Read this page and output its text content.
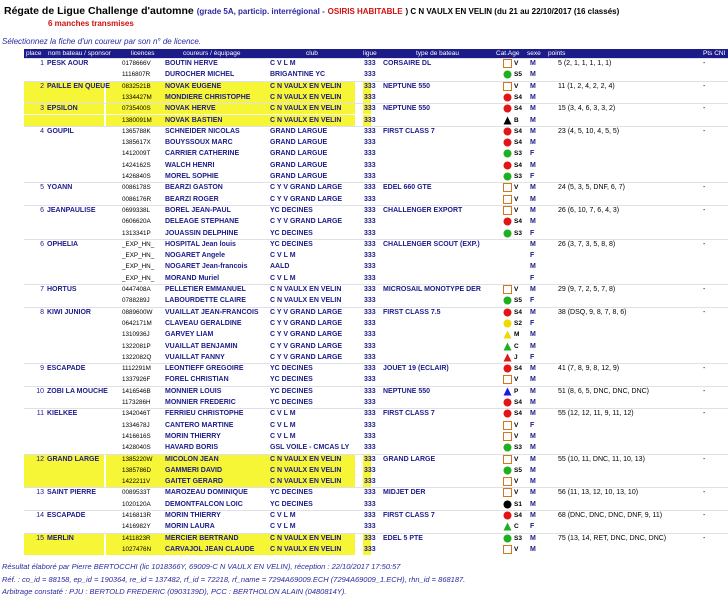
Régate de Ligue Challenge d'automne (grade 5A, particip. interrégional - OSIRIS HABITABLE ) C N VAULX EN VELIN (du 21 au 22/10/2017 (16 classés)
6 manches transmises
Sélectionnez la fiche d'un coureur par son n° de licence.
place nom bateau / sponsor	licences	coureurs / équipage	club	ligue	type de bateau	Cat.Age sexe points	Pts CNI
1 PESK AOUR	0178666V BOUTIN HERVE	C V L M	333 CORSAIRE DL	V M	5 (2, 1, 1, 1, 1, 1)	-
1116807R DUROCHER MICHEL	BRIGANTINE YC	333	S5 M
2 PAILLE EN QUEUE 0832521B NOVAK EUGENE	C N VAULX EN VELIN	333 NEPTUNE 550	V M	11 (1, 2, 4, 2, 2, 4)	-
1334427M MONDIERE CHRISTOPHE	C N VAULX EN VELIN	333	S4 M
3 EPSILON	0735400S NOVAK HERVE	C N VAULX EN VELIN	333 NEPTUNE 550	S4 M	15 (3, 4, 6, 3, 3, 2)	-
1380091M NOVAK BASTIEN	C N VAULX EN VELIN	333	B M
4 GOUPIL	1365788K SCHNEIDER NICOLAS	GRAND LARGUE	333 FIRST CLASS 7	S4 M	23 (4, 5, 10, 4, 5, 5)	-
1385617X BOUYSSOUX MARC	GRAND LARGUE	333	S4 M
1412009T CARRIER CATHERINE	GRAND LARGUE	333	S3 F
1424162S WALCH HENRI	GRAND LARGUE	333	S4 M
1426840S MOREL SOPHIE	GRAND LARGUE	333	S3 F
5 YOANN	0086178S BEARZI GASTON	C Y V GRAND LARGE	333 EDEL 660 GTE	V M	24 (5, 3, 5, DNF, 6, 7)	-
0086176R BEARZI ROGER	C Y V GRAND LARGE	333	V M
6 JEANPAULISE	0699338L BOREL JEAN-PAUL	YC DECINES	333 CHALLENGER EXPORT	V M	26 (6, 10, 7, 6, 4, 3)	-
0606620A DELEAGE STEPHANE	C Y V GRAND LARGE	333	S4 M
1313341P JOUASSIN DELPHINE	YC DECINES	333	S3 F
6 OPHELIA	_EXP_HN_ HOSPITAL Jean louis	YC DECINES	333 CHALLENGER SCOUT (EXP.)	M	26 (3, 7, 3, 5, 8, 8)	-
_EXP_HN_ NOGARET Angele	C V L M	333	F
_EXP_HN_ NOGARET Jean-francois	AALD	333	M
_EXP_HN_ MORAND Muriel	C V L M	333	F
7 HORTUS	0447408A PELLETIER EMMANUEL	C N VAULX EN VELIN	333 MICROSAIL MONOTYPE DER	V M	29 (9, 7, 2, 5, 7, 8)	-
0788289J LABOURDETTE CLAIRE	C N VAULX EN VELIN	333	S5 F
8 KIWI JUNIOR	0889600W VUAILLAT JEAN-FRANCOIS C Y V GRAND LARGE	333 FIRST CLASS 7.5	S4 M	38 (DSQ, 9, 8, 7, 8, 6)	-
0642171M CLAVEAU GERALDINE	C Y V GRAND LARGE	333	S2 F
1310936J GARVEY LIAM	C Y V GRAND LARGE	333	M M
1322081P VUAILLAT BENJAMIN	C Y V GRAND LARGE	333	C M
1322082Q VUAILLAT FANNY	C Y V GRAND LARGE	333	J F
9 ESCAPADE	1112291M LEONTIEFF GREGOIRE	YC DECINES	333 JOUET 19 (ECLAIR)	S4 M	41 (7, 8, 9, 8, 12, 9)	-
1337926F FOREL CHRISTIAN	YC DECINES	333	V M
10 ZOBI LA MOUCHE 1416546B MONNIER LOUIS	YC DECINES	333 NEPTUNE 550	P M	51 (8, 6, 5, DNC, DNC, DNC)	-
1173286H MONNIER FREDERIC	YC DECINES	333	S4 M
11 KIELKEE	1342046T FERRIEU CHRISTOPHE	C V L M	333 FIRST CLASS 7	S4 M	55 (12, 12, 11, 9, 11, 12)	-
1334678J CANTERO MARTINE	C V L M	333	V F
1416616S MORIN THIERRY	C V L M	333	V M
1428040S HAVARD BORIS	GSL VOILE - CMCAS LY 333	S3 M
12 GRAND LARGE	1385220W MICOLON JEAN	C N VAULX EN VELIN	333 GRAND LARGE	V M	55 (10, 11, DNC, 11, 10, 13)	-
1385786D GAMMERI DAVID	C N VAULX EN VELIN	333	S5 M
1422211V GAITET GERARD	C N VAULX EN VELIN	333	V M
13 SAINT PIERRE	0089533T MAROZEAU DOMINIQUE	YC DECINES	333 MIDJET DER	V M	56 (11, 13, 12, 10, 13, 10)	-
1020120A DEMONTFALCON LOIC	YC DECINES	333	S1 M
14 ESCAPADE	1416813R MORIN THIERRY	C V L M	333 FIRST CLASS 7	S4 M	68 (DNC, DNC, DNC, DNF, 9, 11)	-
1416982Y MORIN LAURA	C V L M	333	C F
15 MERLIN	1411823R MERCIER BERTRAND	C N VAULX EN VELIN	333 EDEL 5 PTE	S3 M	75 (13, 14, RET, DNC, DNC, DNC)	-
1027476N CARVAJOL JEAN CLAUDE C N VAULX EN VELIN	333	V M
Résultat élaboré par Pierre BERTOCCHI (lic 1018366Y, 69009-C N VAULX EN VELIN), réception : 22/10/2017 17:50:57
Réf. : co_id = 88158, ep_id = 190364, re_id = 137482, rf_id = 72218, rf_name = 7294A69009.ECH (7294A69009_1.ECH), rhn_id = 868187.
Arbitrage constaté : PJU : BERTOLD FREDERIC (0903139D), PCC : BERTHOLON ALAIN (0480814Y).
